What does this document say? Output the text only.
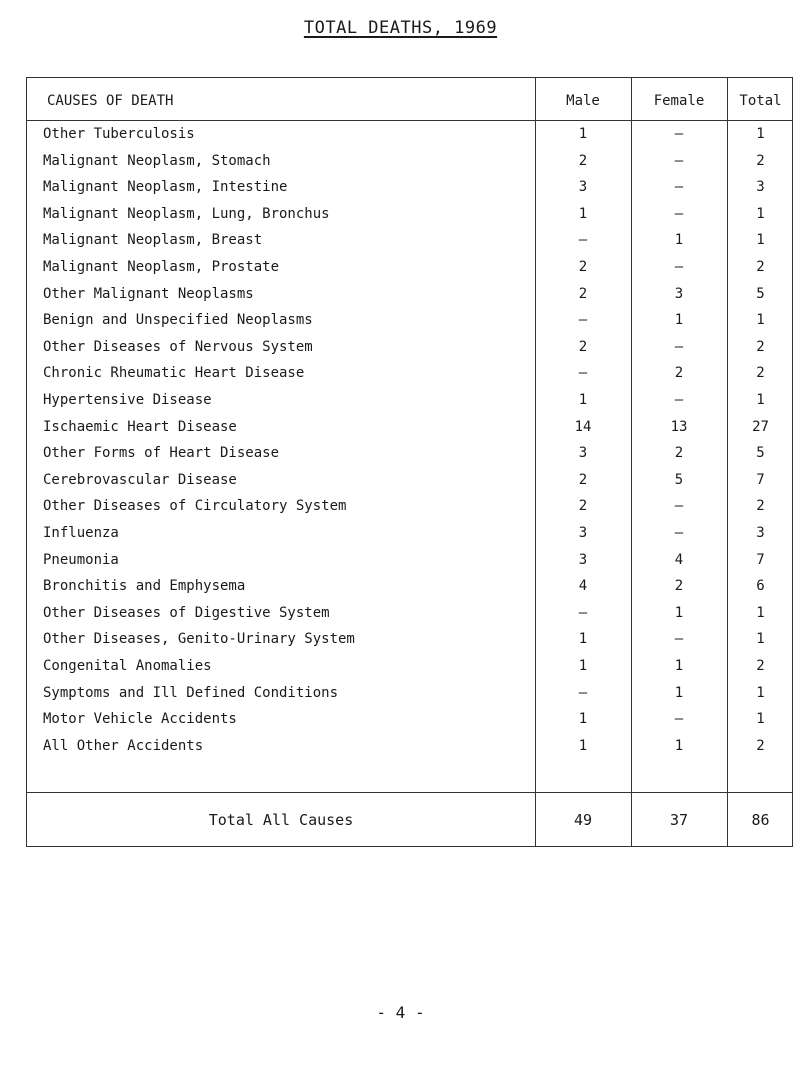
TOTAL DEATHS, 1969
CAUSES OF DEATH	Male	Female	Total
Other Tuberculosis	1	–	1
Malignant Neoplasm, Stomach	2	–	2
Malignant Neoplasm, Intestine	3	–	3
Malignant Neoplasm, Lung, Bronchus	1	–	1
Malignant Neoplasm, Breast	–	1	1
Malignant Neoplasm, Prostate	2	–	2
Other Malignant Neoplasms	2	3	5
Benign and Unspecified Neoplasms	–	1	1
Other Diseases of Nervous System	2	–	2
Chronic Rheumatic Heart Disease	–	2	2
Hypertensive Disease	1	–	1
Ischaemic Heart Disease	14	13	27
Other Forms of Heart Disease	3	2	5
Cerebrovascular Disease	2	5	7
Other Diseases of Circulatory System	2	–	2
Influenza	3	–	3
Pneumonia	3	4	7
Bronchitis and Emphysema	4	2	6
Other Diseases of Digestive System	–	1	1
Other Diseases, Genito-Urinary System	1	–	1
Congenital Anomalies	1	1	2
Symptoms and Ill Defined Conditions	–	1	1
Motor Vehicle Accidents	1	–	1
All Other Accidents	1	1	2
Total All Causes	49	37	86
- 4 -
